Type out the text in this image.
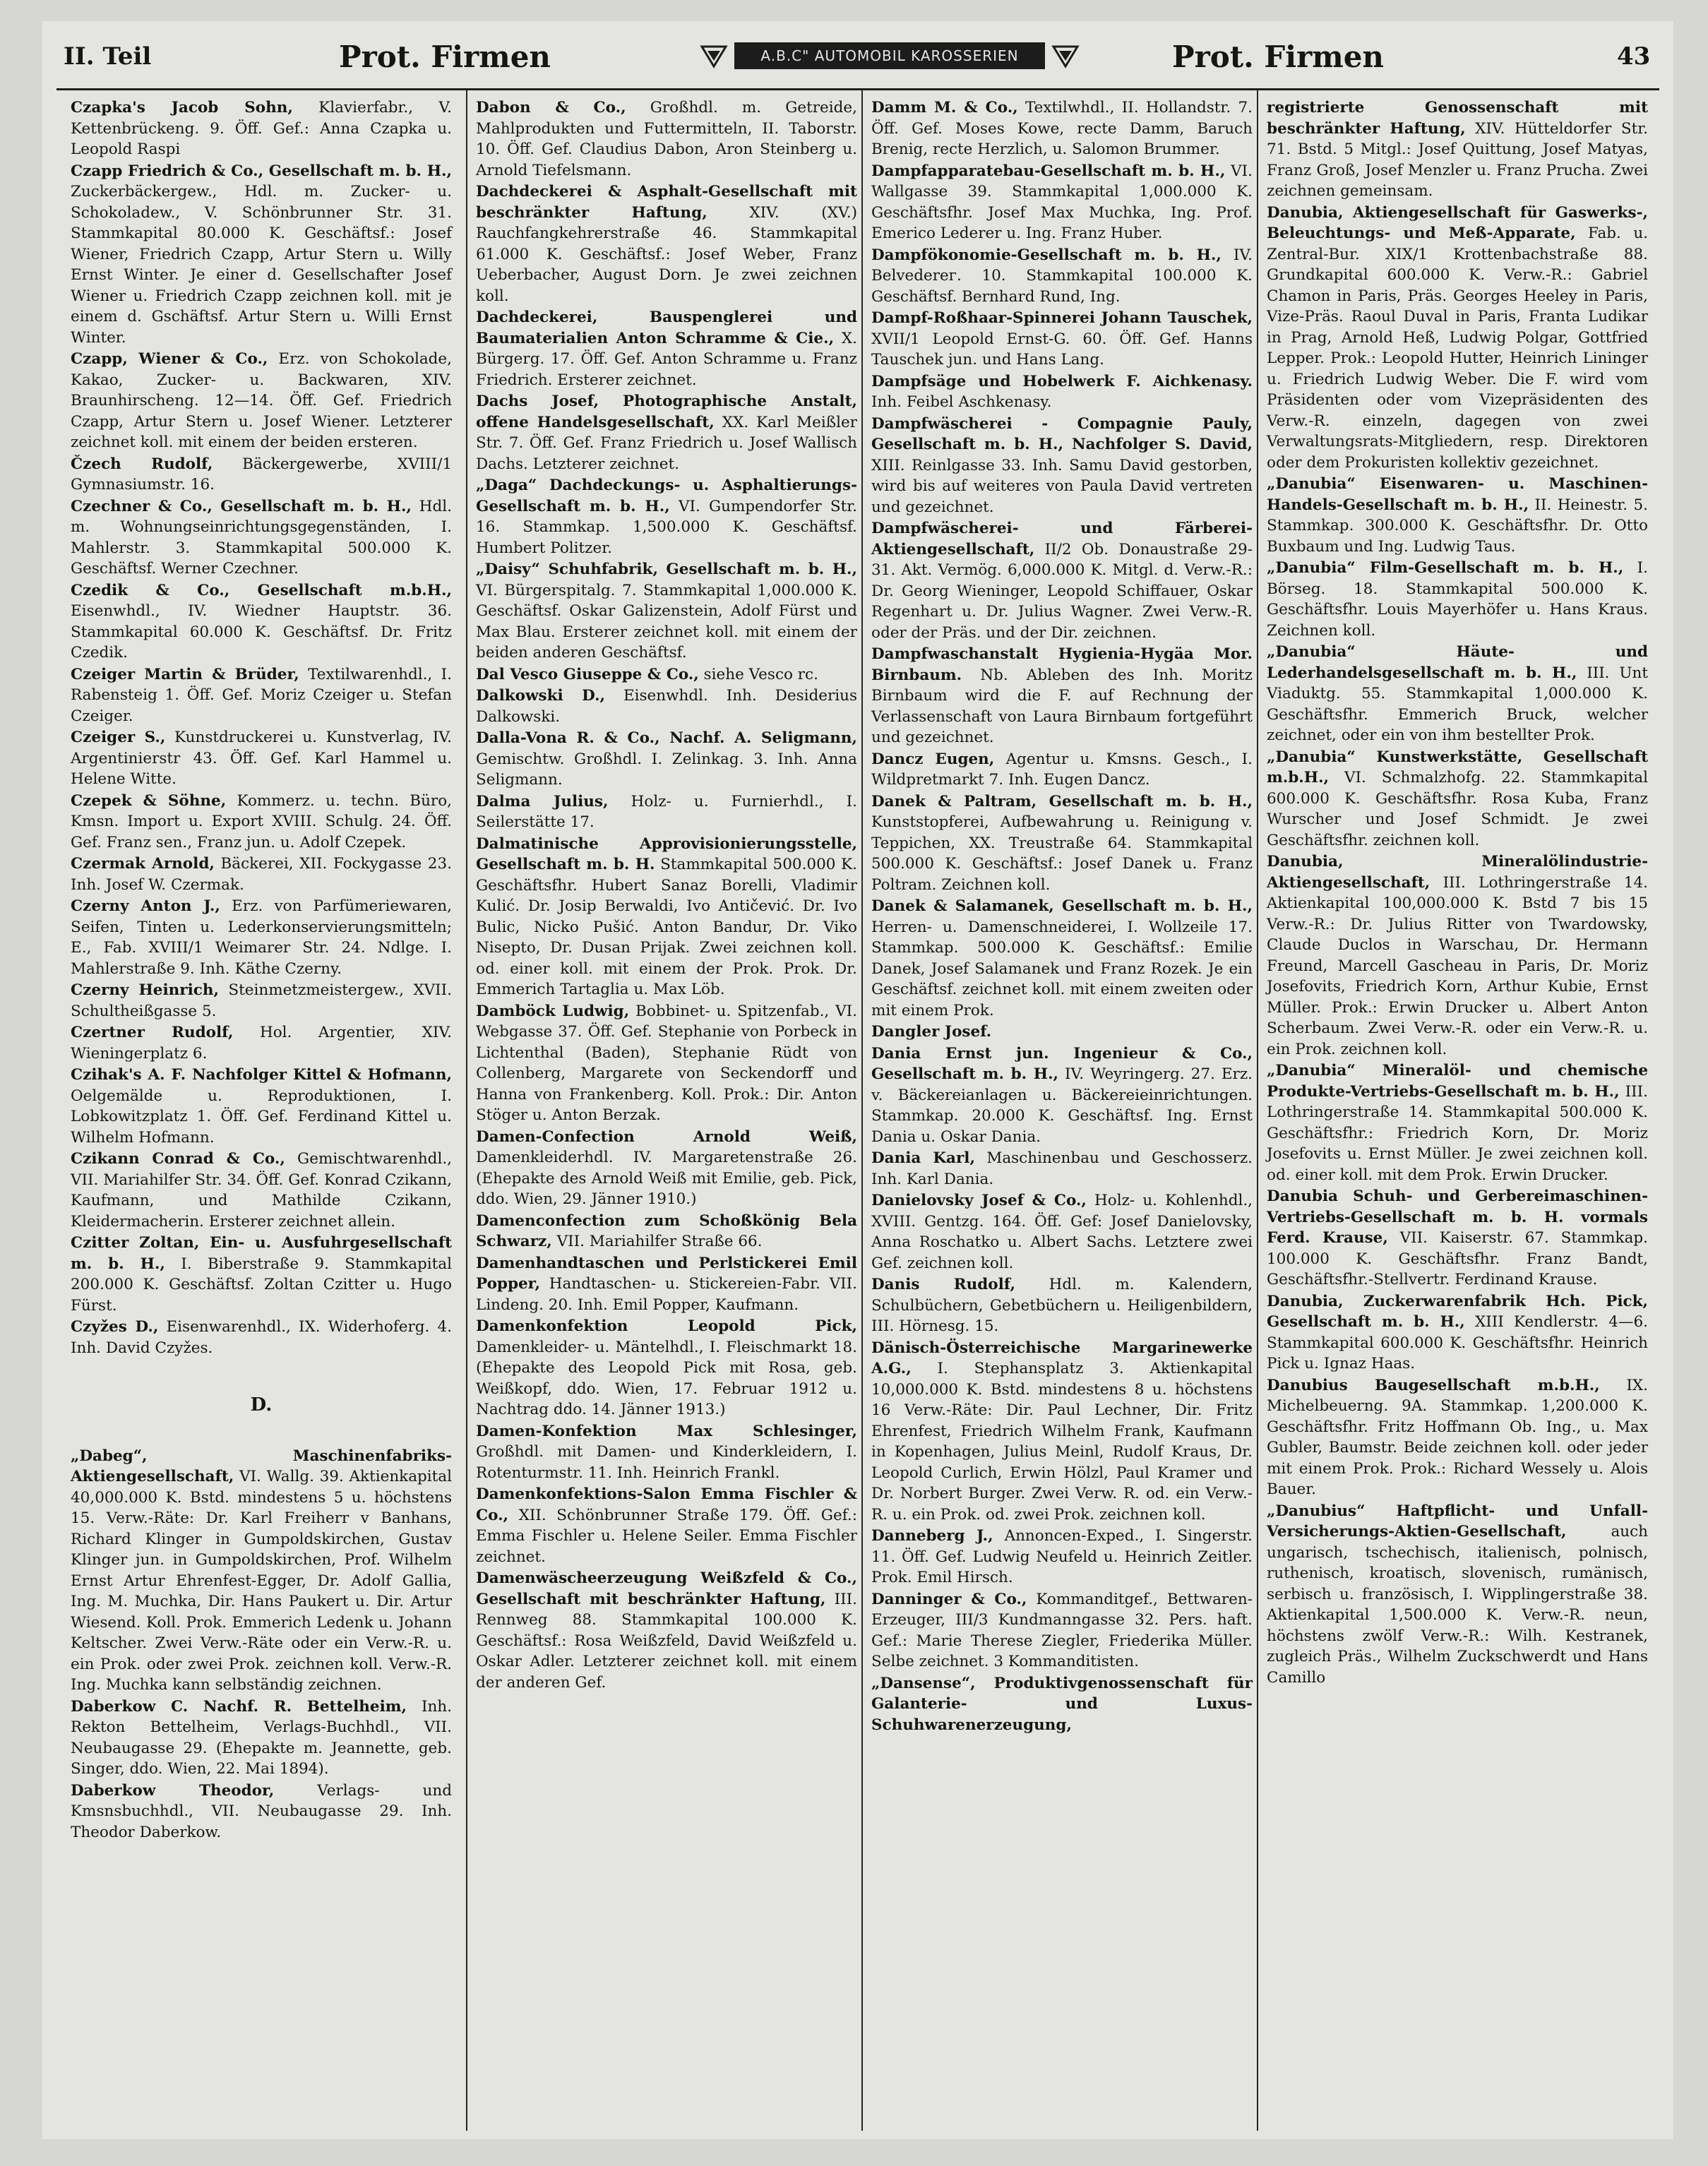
II. Teil	Prot. Firmen	A.B.C" AUTOMOBIL KAROSSERIEN	Prot. Firmen	43
Czapka's Jacob Sohn, Klavierfabr., V. Kettenbrückeng. 9. Öff. Gef.: Anna Czapka u. Leopold Raspi
Czapp Friedrich & Co., Gesellschaft m. b. H., Zuckerbäckergew., Hdl. m. Zucker- u. Schokoladew., V. Schönbrunner Str. 31. Stammkapital 80.000 K. Geschäftsf.: Josef Wiener, Friedrich Czapp, Artur Stern u. Willy Ernst Winter. Je einer d. Gesellschafter Josef Wiener u. Friedrich Czapp zeichnen koll. mit je einem d. Gschäftsf. Artur Stern u. Willi Ernst Winter.
Czapp, Wiener & Co., Erz. von Schokolade, Kakao, Zucker- u. Backwaren, XIV. Braunhirscheng. 12—14. Öff. Gef. Friedrich Czapp, Artur Stern u. Josef Wiener. Letzterer zeichnet koll. mit einem der beiden ersteren.
Čzech Rudolf, Bäckergewerbe, XVIII/1 Gymnasiumstr. 16.
Czechner & Co., Gesellschaft m. b. H., Hdl. m. Wohnungseinrichtungsgegenständen, I. Mahlerstr. 3. Stammkapital 500.000 K. Geschäftsf. Werner Czechner.
Czedik & Co., Gesellschaft m.b.H., Eisenwhdl., IV. Wiedner Hauptstr. 36. Stammkapital 60.000 K. Geschäftsf. Dr. Fritz Czedik.
Czeiger Martin & Brüder, Textilwarenhdl., I. Rabensteig 1. Öff. Gef. Moriz Czeiger u. Stefan Czeiger.
Czeiger S., Kunstdruckerei u. Kunstverlag, IV. Argentinierstr 43. Öff. Gef. Karl Hammel u. Helene Witte.
Czepek & Söhne, Kommerz. u. techn. Büro, Kmsn. Import u. Export XVIII. Schulg. 24. Öff. Gef. Franz sen., Franz jun. u. Adolf Czepek.
Czermak Arnold, Bäckerei, XII. Fockygasse 23. Inh. Josef W. Czermak.
Czerny Anton J., Erz. von Parfümeriewaren, Seifen, Tinten u. Lederkonservierungsmitteln; E., Fab. XVIII/1 Weimarer Str. 24. Ndlge. I. Mahlerstraße 9. Inh. Käthe Czerny.
Czerny Heinrich, Steinmetzmeistergew., XVII. Schultheißgasse 5.
Czertner Rudolf, Hol. Argentier, XIV. Wieningerplatz 6.
Czihak's A. F. Nachfolger Kittel & Hofmann, Oelgemälde u. Reproduktionen, I. Lobkowitzplatz 1. Öff. Gef. Ferdinand Kittel u. Wilhelm Hofmann.
Czikann Conrad & Co., Gemischtwarenhdl., VII. Mariahilfer Str. 34. Öff. Gef. Konrad Czikann, Kaufmann, und Mathilde Czikann, Kleidermacherin. Ersterer zeichnet allein.
Czitter Zoltan, Ein- u. Ausfuhrgesellschaft m. b. H., I. Biberstraße 9. Stammkapital 200.000 K. Geschäftsf. Zoltan Czitter u. Hugo Fürst.
Czyžes D., Eisenwarenhdl., IX. Widerhoferg. 4. Inh. David Czyžes.
D.
„Dabeg“, Maschinenfabriks-Aktiengesellschaft, VI. Wallg. 39. Aktienkapital 40,000.000 K. Bstd. mindestens 5 u. höchstens 15. Verw.-Räte: Dr. Karl Freiherr v Banhans, Richard Klinger in Gumpoldskirchen, Gustav Klinger jun. in Gumpoldskirchen, Prof. Wilhelm Ernst Artur Ehrenfest-Egger, Dr. Adolf Gallia, Ing. M. Muchka, Dir. Hans Paukert u. Dir. Artur Wiesend. Koll. Prok. Emmerich Ledenk u. Johann Keltscher. Zwei Verw.-Räte oder ein Verw.-R. u. ein Prok. oder zwei Prok. zeichnen koll. Verw.-R. Ing. Muchka kann selbständig zeichnen.
Daberkow C. Nachf. R. Bettelheim, Inh. Rekton Bettelheim, Verlags-Buchhdl., VII. Neubaugasse 29. (Ehepakte m. Jeannette, geb. Singer, ddo. Wien, 22. Mai 1894).
Daberkow Theodor,	Verlags- und Kmsnsbuchhdl., VII. Neubaugasse 29. Inh. Theodor Daberkow.
Dabon & Co., Großhdl. m. Getreide, Mahlprodukten und Futtermitteln, II. Taborstr. 10. Öff. Gef. Claudius Dabon, Aron Steinberg u. Arnold Tiefelsmann.
Dachdeckerei & Asphalt-Gesellschaft mit beschränkter Haftung,	XIV. (XV.) Rauchfangkehrerstraße 46. Stammkapital 61.000 K. Geschäftsf.: Josef Weber, Franz Ueberbacher, August Dorn. Je zwei zeichnen koll.
Dachdeckerei, Bauspenglerei und Baumaterialien Anton Schramme & Cie., X. Bürgerg. 17. Öff. Gef. Anton Schramme u. Franz Friedrich. Ersterer zeichnet.
Dachs Josef, Photographische Anstalt, offene Handelsgesellschaft, XX. Karl Meißler Str. 7. Öff. Gef. Franz Friedrich u. Josef Wallisch Dachs. Letzterer zeichnet.
„Daga“ Dachdeckungs- u. Asphaltierungs-Gesellschaft m. b. H., VI. Gumpendorfer Str. 16. Stammkap. 1,500.000 K. Geschäftsf. Humbert Politzer.
„Daisy“ Schuhfabrik, Gesellschaft m. b. H., VI. Bürgerspitalg. 7. Stammkapital 1,000.000 K. Geschäftsf. Oskar Galizenstein, Adolf Fürst und Max Blau. Ersterer zeichnet koll. mit einem der beiden anderen Geschäftsf.
Dal Vesco Giuseppe & Co., siehe Vesco rc.
Dalkowski D., Eisenwhdl. Inh. Desiderius Dalkowski.
Dalla-Vona R. & Co., Nachf. A. Seligmann, Gemischtw. Großhdl. I. Zelinkag. 3. Inh. Anna Seligmann.
Dalma Julius, Holz- u. Furnierhdl., I. Seilerstätte 17.
Dalmatinische Approvisionierungsstelle, Gesellschaft m. b. H. Stammkapital 500.000 K. Geschäftsfhr. Hubert Sanaz Borelli, Vladimir Kulić. Dr. Josip Berwaldi, Ivo Antičević. Dr. Ivo Bulic, Nicko Pušić. Anton Bandur, Dr. Viko Nisepto, Dr. Dusan Prijak. Zwei zeichnen koll. od. einer koll. mit einem der Prok. Prok. Dr. Emmerich Tartaglia u. Max Löb.
Damböck Ludwig, Bobbinet- u. Spitzenfab., VI. Webgasse 37. Öff. Gef. Stephanie von Porbeck in Lichtenthal (Baden), Stephanie Rüdt von Collenberg, Margarete von Seckendorff und Hanna von Frankenberg. Koll. Prok.: Dir. Anton Stöger u. Anton Berzak.
Damen-Confection Arnold Weiß, Damenkleiderhdl. IV. Margaretenstraße 26. (Ehepakte des Arnold Weiß mit Emilie, geb. Pick, ddo. Wien, 29. Jänner 1910.)
Damenconfection zum Schoßkönig Bela Schwarz, VII. Mariahilfer Straße 66.
Damenhandtaschen und Perlstickerei Emil Popper, Handtaschen- u. Stickereien-Fabr. VII. Lindeng. 20. Inh. Emil Popper, Kaufmann.
Damenkonfektion Leopold Pick, Damenkleider- u. Mäntelhdl., I. Fleischmarkt 18. (Ehepakte des Leopold Pick mit Rosa, geb. Weißkopf, ddo. Wien, 17. Februar 1912 u. Nachtrag ddo. 14. Jänner 1913.)
Damen-Konfektion Max Schlesinger, Großhdl. mit Damen- und Kinderkleidern, I. Rotenturmstr. 11. Inh. Heinrich Frankl.
Damenkonfektions-Salon Emma Fischler & Co., XII. Schönbrunner Straße 179. Öff. Gef.: Emma Fischler u. Helene Seiler. Emma Fischler zeichnet.
Damenwäscheerzeugung Weißzfeld & Co., Gesellschaft mit beschränkter Haftung, III. Rennweg 88. Stammkapital 100.000 K. Geschäftsf.: Rosa Weißzfeld, David Weißzfeld u. Oskar Adler. Letzterer zeichnet koll. mit einem der anderen Gef.
Damm M. & Co., Textilwhdl., II. Hollandstr. 7. Öff. Gef. Moses Kowe, recte Damm, Baruch Brenig, recte Herzlich, u. Salomon Brummer.
Dampfapparatebau-Gesellschaft m. b. H., VI. Wallgasse 39. Stammkapital 1,000.000 K. Geschäftsfhr. Josef Max Muchka, Ing. Prof. Emerico Lederer u. Ing. Franz Huber.
Dampfökonomie-Gesellschaft m. b. H., IV. Belvederег. 10. Stammkapital 100.000 K. Geschäftsf. Bernhard Rund, Ing.
Dampf-Roßhaar-Spinnerei Johann Tauschek, XVII/1 Leopold Ernst-G. 60. Öff. Gef. Hanns Tauschek jun. und Hans Lang.
Dampfsäge und Hobelwerk F. Aichkenasy. Inh. Feibel Aschkenasy.
Dampfwäscherei - Compagnie Pauly, Gesellschaft m. b. H., Nachfolger S. David, XIII. Reinlgasse 33. Inh. Samu David gestorben, wird bis auf weiteres von Paula David vertreten und gezeichnet.
Dampfwäscherei- und Färberei-Aktiengesellschaft, II/2 Ob. Donaustraße 29-31. Akt. Vermög. 6,000.000 K. Mitgl. d. Verw.-R.: Dr. Georg Wieninger, Leopold Schiffauer, Oskar Regenhart u. Dr. Julius Wagner. Zwei Verw.-R. oder der Präs. und der Dir. zeichnen.
Dampfwaschanstalt Hygienia-Hygäa Mor. Birnbaum. Nb. Ableben des Inh. Moritz Birnbaum wird die F. auf Rechnung der Verlassenschaft von Laura Birnbaum fortgeführt und gezeichnet.
Dancz Eugen, Agentur u. Kmsns. Gesch., I. Wildpretmarkt 7. Inh. Eugen Dancz.
Danek & Paltram, Gesellschaft m. b. H., Kunststopferei, Aufbewahrung u. Reinigung v. Teppichen, XX. Treustraße 64. Stammkapital 500.000 K. Geschäftsf.: Josef Danek u. Franz Poltram. Zeichnen koll.
Danek & Salamanek, Gesellschaft m. b. H., Herren- u. Damenschneiderei, I. Wollzeile 17. Stammkap. 500.000 K. Geschäftsf.: Emilie Danek, Josef Salamanek und Franz Rozek. Je ein Geschäftsf. zeichnet koll. mit einem zweiten oder mit einem Prok.
Dangler Josef.
Dania Ernst jun. Ingenieur & Co., Gesellschaft m. b. H., IV. Weyringerg. 27. Erz. v. Bäckereianlagen u. Bäckereieinrichtungen. Stammkap. 20.000 K. Geschäftsf. Ing. Ernst Dania u. Oskar Dania.
Dania Karl, Maschinenbau und Geschosserz. Inh. Karl Dania.
Danielovsky Josef & Co., Holz- u. Kohlenhdl., XVIII. Gentzg. 164. Öff. Gef: Josef Danielovsky, Anna Roschatko u. Albert Sachs. Letztere zwei Gef. zeichnen koll.
Danis Rudolf, Hdl. m. Kalendern, Schulbüchern, Gebetbüchern u. Heiligenbildern, III. Hörnesg. 15.
Dänisch-Österreichische Margarinewerke A.G., I. Stephansplatz 3. Aktienkapital 10,000.000 K. Bstd. mindestens 8 u. höchstens 16 Verw.-Räte: Dir. Paul Lechner, Dir. Fritz Ehrenfest, Friedrich Wilhelm Frank, Kaufmann in Kopenhagen, Julius Meinl, Rudolf Kraus, Dr. Leopold Curlich, Erwin Hölzl, Paul Kramer und Dr. Norbert Burger. Zwei Verw. R. od. ein Verw.-R. u. ein Prok. od. zwei Prok. zeichnen koll.
Danneberg J., Annoncen-Exped., I. Singerstr. 11. Öff. Gef. Ludwig Neufeld u. Heinrich Zeitler. Prok. Emil Hirsch.
Danninger & Co., Kommanditgef., Bettwaren-Erzeuger, III/3 Kundmanngasse 32. Pers. haft. Gef.: Marie Therese Ziegler, Friederika Müller. Selbe zeichnet. 3 Kommanditisten.
„Dansense“, Produktivgenossenschaft für Galanterie- und Luxus-Schuhwarenerzeugung,
registrierte Genossenschaft mit beschränkter Haftung, XIV. Hütteldorfer Str. 71. Bstd. 5 Mitgl.: Josef Quittung, Josef Matyas, Franz Groß, Josef Menzler u. Franz Prucha. Zwei zeichnen gemeinsam.
Danubia, Aktiengesellschaft für Gaswerks-, Beleuchtungs- und Meß-Apparate, Fab. u. Zentral-Bur. XIX/1 Krottenbachstraße 88. Grundkapital 600.000 K. Verw.-R.: Gabriel Chamon in Paris, Präs. Georges Heeley in Paris, Vize-Präs. Raoul Duval in Paris, Franta Ludikar in Prag, Arnold Heß, Ludwig Polgar, Gottfried Lepper. Prok.: Leopold Hutter, Heinrich Lininger u. Friedrich Ludwig Weber. Die F. wird vom Präsidenten oder vom Vizepräsidenten des Verw.-R. einzeln, dagegen von zwei Verwaltungsrats-Mitgliedern, resp. Direktoren oder dem Prokuristen kollektiv gezeichnet.
„Danubia“ Eisenwaren- u. Maschinen-Handels-Gesellschaft m. b. H., II. Heinestr. 5. Stammkap. 300.000 K. Geschäftsfhr. Dr. Otto Buxbaum und Ing. Ludwig Taus.
„Danubia“ Film-Gesellschaft m. b. H., I. Börseg. 18. Stammkapital 500.000 K. Geschäftsfhr. Louis Mayerhöfer u. Hans Kraus. Zeichnen koll.
„Danubia“ Häute- und Lederhandelsgesellschaft m. b. H., III. Unt Viaduktg. 55. Stammkapital 1,000.000 K. Geschäftsfhr. Emmerich Bruck, welcher zeichnet, oder ein von ihm bestellter Prok.
„Danubia“ Kunstwerkstätte, Gesellschaft m.b.H., VI. Schmalzhofg. 22. Stammkapital 600.000 K. Geschäftsfhr. Rosa Kuba, Franz Wurscher und Josef Schmidt. Je zwei Geschäftsfhr. zeichnen koll.
Danubia, Mineralölindustrie-Aktiengesellschaft, III. Lothringerstraße 14. Aktienkapital 100,000.000 K. Bstd 7 bis 15 Verw.-R.: Dr. Julius Ritter von Twardowsky, Claude Duclos in Warschau, Dr. Hermann Freund, Marcell Gascheau in Paris, Dr. Moriz Josefovits, Friedrich Korn, Arthur Kubie, Ernst Müller. Prok.: Erwin Drucker u. Albert Anton Scherbaum. Zwei Verw.-R. oder ein Verw.-R. u. ein Prok. zeichnen koll.
„Danubia“ Mineralöl- und chemische Produkte-Vertriebs-Gesellschaft m. b. H., III. Lothringerstraße 14. Stammkapital 500.000 K. Geschäftsfhr.: Friedrich Korn, Dr. Moriz Josefovits u. Ernst Müller. Je zwei zeichnen koll. od. einer koll. mit dem Prok. Erwin Drucker.
Danubia Schuh- und Gerbereimaschinen-Vertriebs-Gesellschaft m. b. H. vormals Ferd. Krause, VII. Kaiserstr. 67. Stammkap. 100.000 K. Geschäftsfhr. Franz Bandt, Geschäftsfhr.-Stellvertr. Ferdinand Krause.
Danubia, Zuckerwarenfabrik Hch. Pick, Gesellschaft m. b. H., XIII Kendlerstr. 4—6. Stammkapital 600.000 K. Geschäftsfhr. Heinrich Pick u. Ignaz Haas.
Danubius Baugesellschaft m.b.H., IX. Michelbeuerng. 9A. Stammkap. 1,200.000 K. Geschäftsfhr. Fritz Hoffmann Ob. Ing., u. Max Gubler, Baumstr. Beide zeichnen koll. oder jeder mit einem Prok. Prok.: Richard Wessely u. Alois Bauer.
„Danubius“ Haftpflicht- und Unfall-Versicherungs-Aktien-Gesellschaft,	auch ungarisch, tschechisch, italienisch, polnisch, ruthenisch, kroatisch, slovenisch, rumänisch, serbisch u. französisch, I. Wipplingerstraße 38. Aktienkapital 1,500.000 K. Verw.-R. neun, höchstens zwölf Verw.-R.: Wilh. Kestranek, zugleich Präs., Wilhelm Zuckschwerdt und Hans Camillo
